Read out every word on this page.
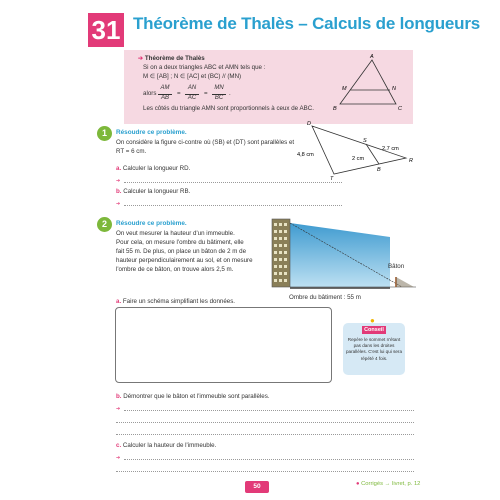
31 Théorème de Thalès – Calculs de longueurs
➔ Théorème de Thalès
Si on a deux triangles ABC et AMN tels que :
M ∈ [AB] ; N ∈ [AC] et (BC) // (MN)
alors
AM
AB
=
AN
AC
=
MN
BC
.
Les côtés du triangle AMN sont proportionnels à ceux de ABC.
A
M	N
B	C
1	Résoudre ce problème.
On considère la figure ci-contre où (SB) et (DT) sont parallèles et
RT = 6 cm.
a. Calculer la longueur RD.
➔
b. Calculer la longueur RB.
➔
D
S
R
B
T
4,8 cm
2,7 cm
2 cm
2	Résoudre ce problème.
On veut mesurer la hauteur d'un immeuble.
Pour cela, on mesure l'ombre du bâtiment, elle
fait 55 m. De plus, on place un bâton de 2 m de
hauteur perpendiculairement au sol, et on mesure
l'ombre de ce bâton, on trouve alors 2,5 m.	Bâton
Ombre du bâtiment : 55 m
a. Faire un schéma simplifiant les données.
●
Conseil
Repère le sommet n'étant pas dans les droites parallèles. C'est lui qui sera répété 4 fois.
b. Démontrer que le bâton et l'immeuble sont parallèles.
➔
c. Calculer la hauteur de l'immeuble.
➔
50	● Corrigés → livret, p. 12
